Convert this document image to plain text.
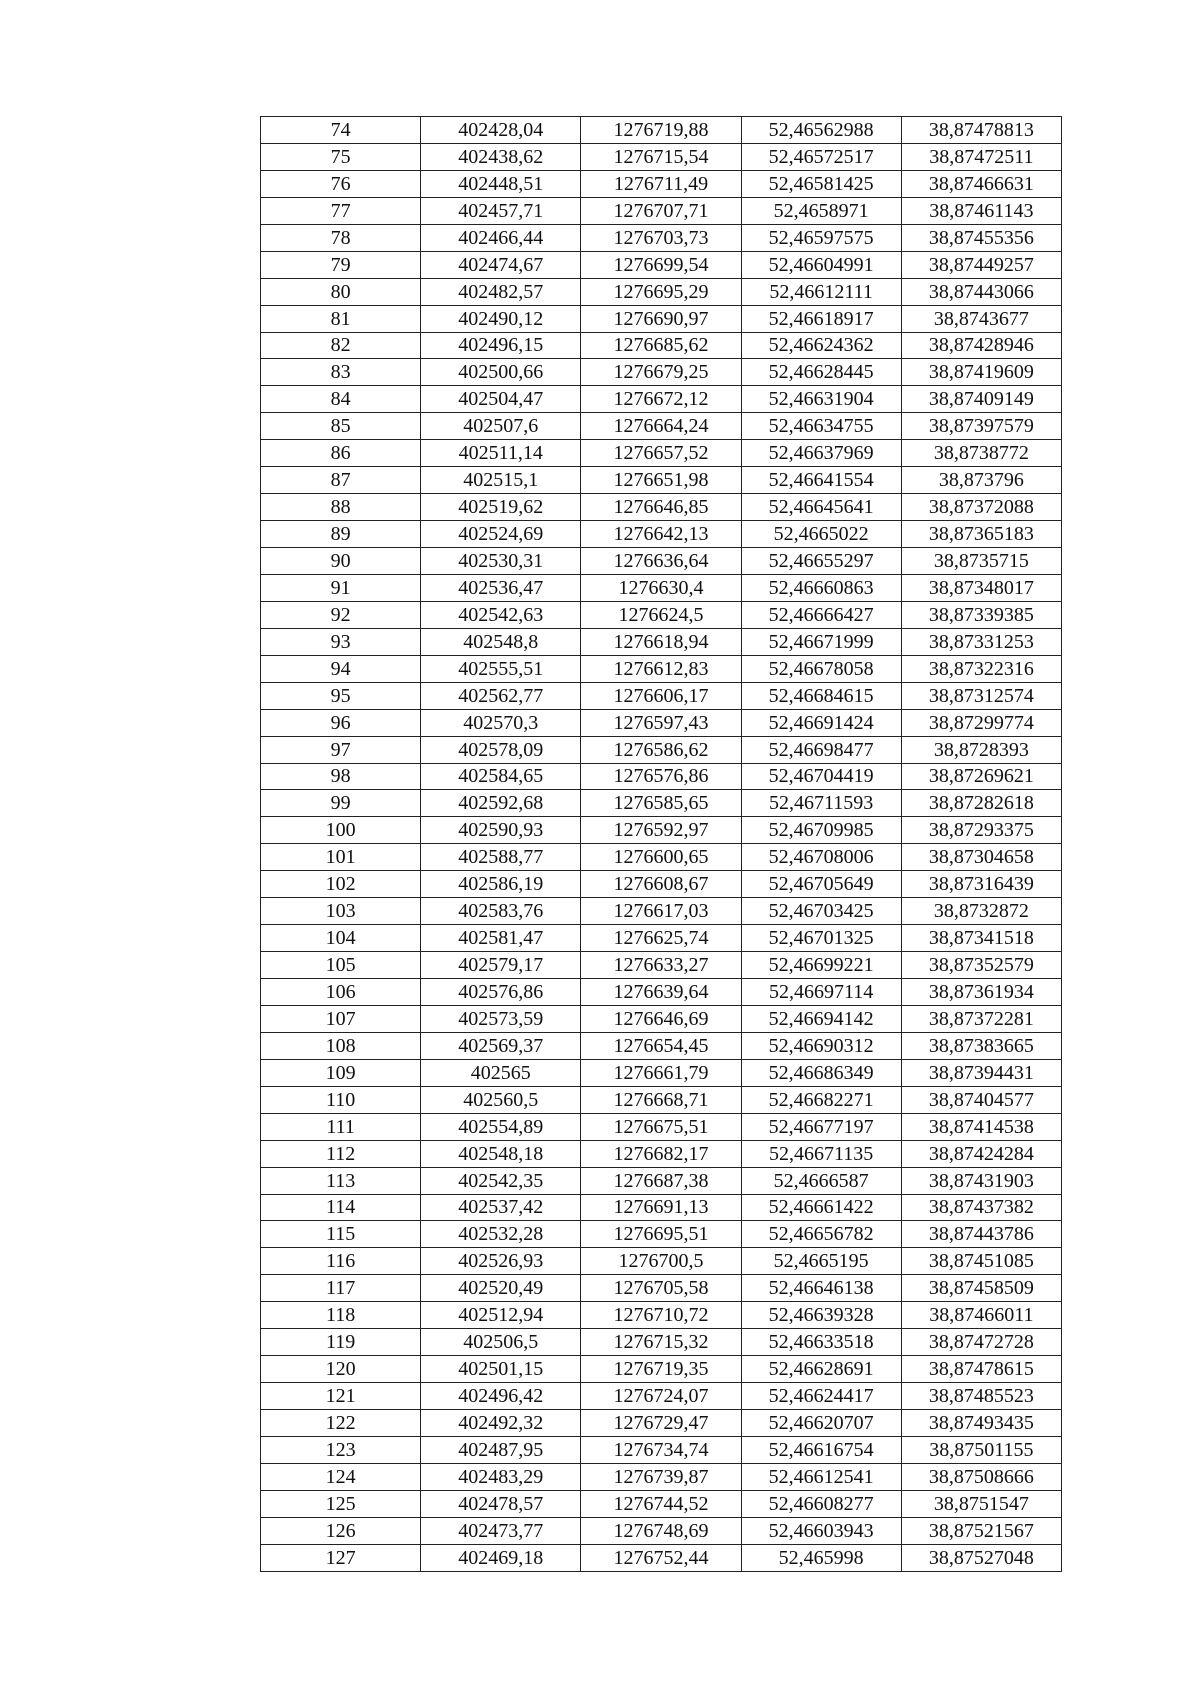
74	402428,04	1276719,88	52,46562988	38,87478813
75	402438,62	1276715,54	52,46572517	38,87472511
76	402448,51	1276711,49	52,46581425	38,87466631
77	402457,71	1276707,71	52,4658971	38,87461143
78	402466,44	1276703,73	52,46597575	38,87455356
79	402474,67	1276699,54	52,46604991	38,87449257
80	402482,57	1276695,29	52,46612111	38,87443066
81	402490,12	1276690,97	52,46618917	38,8743677
82	402496,15	1276685,62	52,46624362	38,87428946
83	402500,66	1276679,25	52,46628445	38,87419609
84	402504,47	1276672,12	52,46631904	38,87409149
85	402507,6	1276664,24	52,46634755	38,87397579
86	402511,14	1276657,52	52,46637969	38,8738772
87	402515,1	1276651,98	52,46641554	38,873796
88	402519,62	1276646,85	52,46645641	38,87372088
89	402524,69	1276642,13	52,4665022	38,87365183
90	402530,31	1276636,64	52,46655297	38,8735715
91	402536,47	1276630,4	52,46660863	38,87348017
92	402542,63	1276624,5	52,46666427	38,87339385
93	402548,8	1276618,94	52,46671999	38,87331253
94	402555,51	1276612,83	52,46678058	38,87322316
95	402562,77	1276606,17	52,46684615	38,87312574
96	402570,3	1276597,43	52,46691424	38,87299774
97	402578,09	1276586,62	52,46698477	38,8728393
98	402584,65	1276576,86	52,46704419	38,87269621
99	402592,68	1276585,65	52,46711593	38,87282618
100	402590,93	1276592,97	52,46709985	38,87293375
101	402588,77	1276600,65	52,46708006	38,87304658
102	402586,19	1276608,67	52,46705649	38,87316439
103	402583,76	1276617,03	52,46703425	38,8732872
104	402581,47	1276625,74	52,46701325	38,87341518
105	402579,17	1276633,27	52,46699221	38,87352579
106	402576,86	1276639,64	52,46697114	38,87361934
107	402573,59	1276646,69	52,46694142	38,87372281
108	402569,37	1276654,45	52,46690312	38,87383665
109	402565	1276661,79	52,46686349	38,87394431
110	402560,5	1276668,71	52,46682271	38,87404577
111	402554,89	1276675,51	52,46677197	38,87414538
112	402548,18	1276682,17	52,46671135	38,87424284
113	402542,35	1276687,38	52,4666587	38,87431903
114	402537,42	1276691,13	52,46661422	38,87437382
115	402532,28	1276695,51	52,46656782	38,87443786
116	402526,93	1276700,5	52,4665195	38,87451085
117	402520,49	1276705,58	52,46646138	38,87458509
118	402512,94	1276710,72	52,46639328	38,87466011
119	402506,5	1276715,32	52,46633518	38,87472728
120	402501,15	1276719,35	52,46628691	38,87478615
121	402496,42	1276724,07	52,46624417	38,87485523
122	402492,32	1276729,47	52,46620707	38,87493435
123	402487,95	1276734,74	52,46616754	38,87501155
124	402483,29	1276739,87	52,46612541	38,87508666
125	402478,57	1276744,52	52,46608277	38,8751547
126	402473,77	1276748,69	52,46603943	38,87521567
127	402469,18	1276752,44	52,465998	38,87527048
